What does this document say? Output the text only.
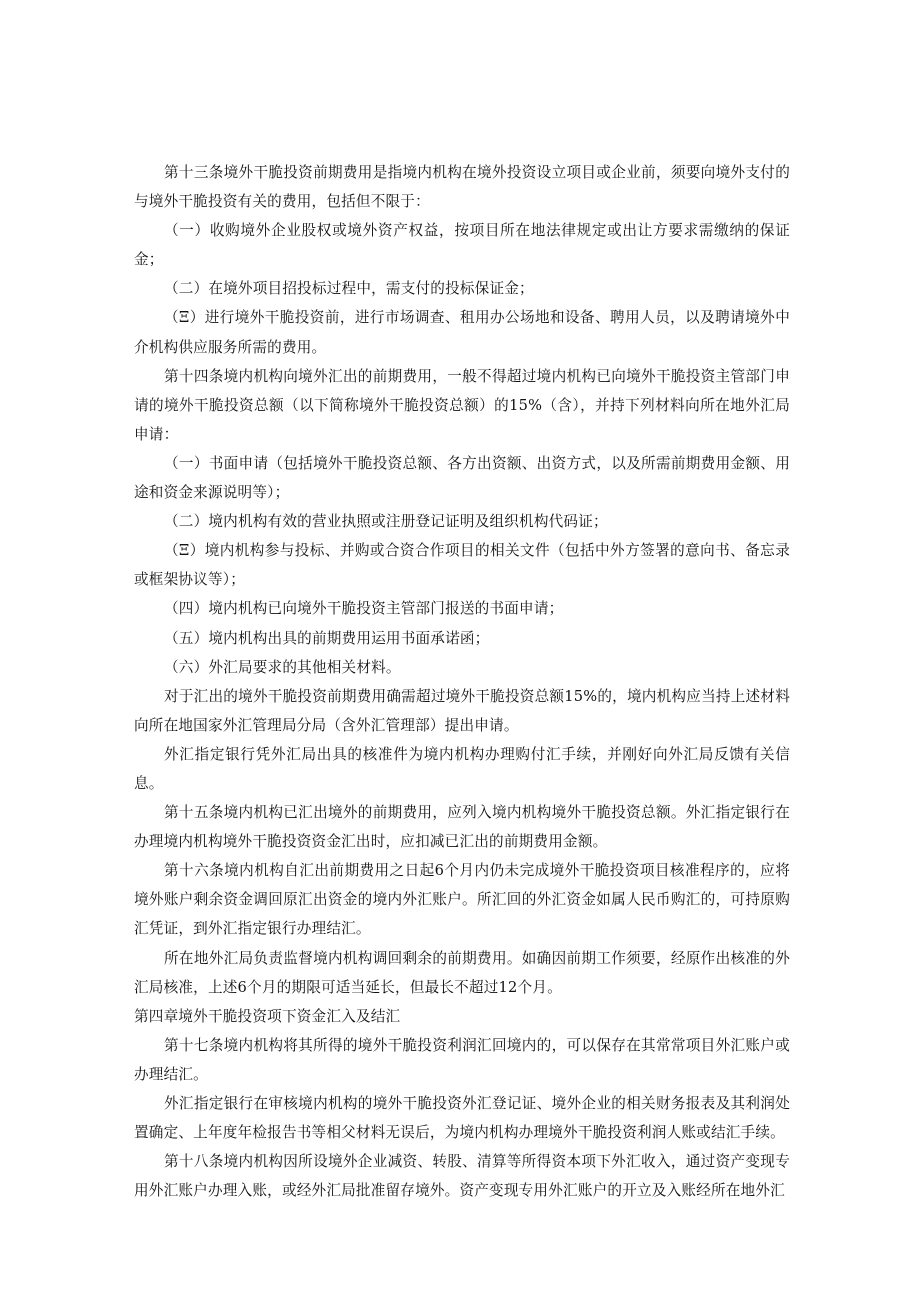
第十三条境外干脆投资前期费用是指境内机构在境外投资设立项目或企业前，须要向境外支付的与境外干脆投资有关的费用，包括但不限于：

（一）收购境外企业股权或境外资产权益，按项目所在地法律规定或出让方要求需缴纳的保证金；

（二）在境外项目招投标过程中，需支付的投标保证金；

（Ξ）进行境外干脆投资前，进行市场调查、租用办公场地和设备、聘用人员，以及聘请境外中介机构供应服务所需的费用。

第十四条境内机构向境外汇出的前期费用，一般不得超过境内机构已向境外干脆投资主管部门申请的境外干脆投资总额（以下简称境外干脆投资总额）的15%（含），并持下列材料向所在地外汇局申请：

（一）书面申请（包括境外干脆投资总额、各方出资额、出资方式，以及所需前期费用金额、用途和资金来源说明等）；

（二）境内机构有效的营业执照或注册登记证明及组织机构代码证；

（Ξ）境内机构参与投标、并购或合资合作项目的相关文件（包括中外方签署的意向书、备忘录或框架协议等）；

（四）境内机构已向境外干脆投资主管部门报送的书面申请；

（五）境内机构出具的前期费用运用书面承诺函；

（六）外汇局要求的其他相关材料。

对于汇出的境外干脆投资前期费用确需超过境外干脆投资总额15%的，境内机构应当持上述材料向所在地国家外汇管理局分局（含外汇管理部）提出申请。

外汇指定银行凭外汇局出具的核准件为境内机构办理购付汇手续，并刚好向外汇局反馈有关信息。

第十五条境内机构已汇出境外的前期费用，应列入境内机构境外干脆投资总额。外汇指定银行在办理境内机构境外干脆投资资金汇出时，应扣减已汇出的前期费用金额。

第十六条境内机构自汇出前期费用之日起6个月内仍未完成境外干脆投资项目核准程序的，应将境外账户剩余资金调回原汇出资金的境内外汇账户。所汇回的外汇资金如属人民币购汇的，可持原购汇凭证，到外汇指定银行办理结汇。

所在地外汇局负责监督境内机构调回剩余的前期费用。如确因前期工作须要，经原作出核准的外汇局核准，上述6个月的期限可适当延长，但最长不超过12个月。

第四章境外干脆投资项下资金汇入及结汇

第十七条境内机构将其所得的境外干脆投资利润汇回境内的，可以保存在其常常项目外汇账户或办理结汇。

外汇指定银行在审核境内机构的境外干脆投资外汇登记证、境外企业的相关财务报表及其利润处置确定、上年度年检报告书等相父材料无误后，为境内机构办理境外干脆投资利润人账或结汇手续。

第十八条境内机构因所设境外企业减资、转股、清算等所得资本项下外汇收入，通过资产变现专用外汇账户办理入账，或经外汇局批准留存境外。资产变现专用外汇账户的开立及入账经所在地外汇
